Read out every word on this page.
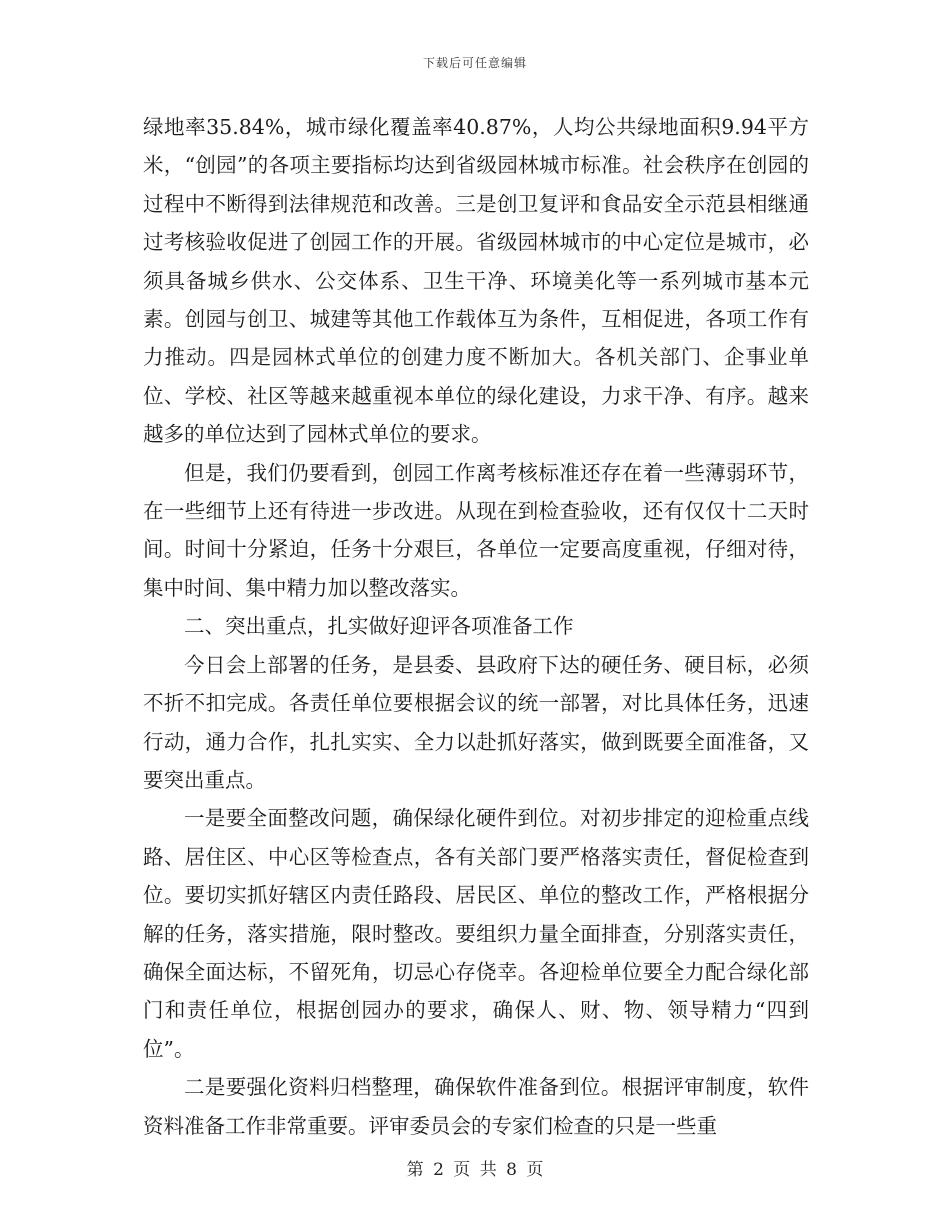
下载后可任意编辑

绿地率35.84%，城市绿化覆盖率40.87%，人均公共绿地面积9.94平方米，“创园”的各项主要指标均达到省级园林城市标准。社会秩序在创园的过程中不断得到法律规范和改善。三是创卫复评和食品安全示范县相继通过考核验收促进了创园工作的开展。省级园林城市的中心定位是城市，必须具备城乡供水、公交体系、卫生干净、环境美化等一系列城市基本元素。创园与创卫、城建等其他工作载体互为条件，互相促进，各项工作有力推动。四是园林式单位的创建力度不断加大。各机关部门、企事业单位、学校、社区等越来越重视本单位的绿化建设，力求干净、有序。越来越多的单位达到了园林式单位的要求。

但是，我们仍要看到，创园工作离考核标准还存在着一些薄弱环节，在一些细节上还有待进一步改进。从现在到检查验收，还有仅仅十二天时间。时间十分紧迫，任务十分艰巨，各单位一定要高度重视，仔细对待，集中时间、集中精力加以整改落实。

二、突出重点，扎实做好迎评各项准备工作

今日会上部署的任务，是县委、县政府下达的硬任务、硬目标，必须不折不扣完成。各责任单位要根据会议的统一部署，对比具体任务，迅速行动，通力合作，扎扎实实、全力以赴抓好落实，做到既要全面准备，又要突出重点。

一是要全面整改问题，确保绿化硬件到位。对初步排定的迎检重点线路、居住区、中心区等检查点，各有关部门要严格落实责任，督促检查到位。要切实抓好辖区内责任路段、居民区、单位的整改工作，严格根据分解的任务，落实措施，限时整改。要组织力量全面排查，分别落实责任，确保全面达标，不留死角，切忌心存侥幸。各迎检单位要全力配合绿化部门和责任单位，根据创园办的要求，确保人、财、物、领导精力“四到位”。

二是要强化资料归档整理，确保软件准备到位。根据评审制度，软件资料准备工作非常重要。评审委员会的专家们检查的只是一些重

第 2 页 共 8 页
